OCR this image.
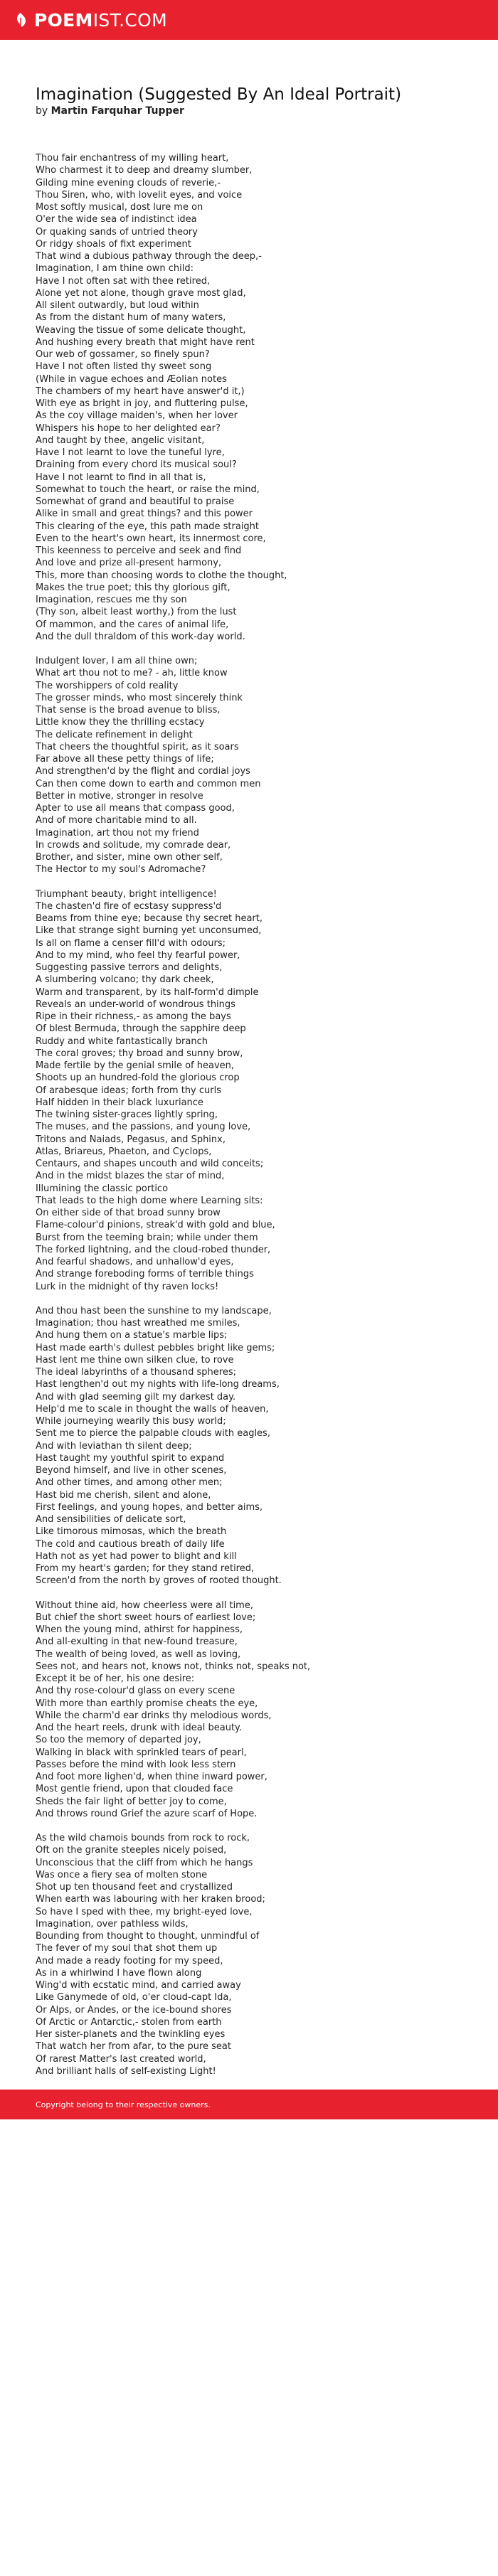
POEM IST.COM
Imagination (Suggested By An Ideal Portrait)

by Martin Farquhar Tupper

Thou fair enchantress of my willing heart,
Who charmest it to deep and dreamy slumber,
Gilding mine evening clouds of reverie,-
Thou Siren, who, with lovelit eyes, and voice
Most softly musical, dost lure me on
O'er the wide sea of indistinct idea
Or quaking sands of untried theory
Or ridgy shoals of fixt experiment
That wind a dubious pathway through the deep,-
Imagination, I am thine own child:
Have I not often sat with thee retired,
Alone yet not alone, though grave most glad,
All silent outwardly, but loud within
As from the distant hum of many waters,
Weaving the tissue of some delicate thought,
And hushing every breath that might have rent
Our web of gossamer, so finely spun?
Have I not often listed thy sweet song
(While in vague echoes and Æolian notes
The chambers of my heart have answer'd it,)
With eye as bright in joy, and fluttering pulse,
As the coy village maiden's, when her lover
Whispers his hope to her delighted ear?
And taught by thee, angelic visitant,
Have I not learnt to love the tuneful lyre,
Draining from every chord its musical soul?
Have I not learnt to find in all that is,
Somewhat to touch the heart, or raise the mind,
Somewhat of grand and beautiful to praise
Alike in small and great things? and this power
This clearing of the eye, this path made straight
Even to the heart's own heart, its innermost core,
This keenness to perceive and seek and find
And love and prize all-present harmony,
This, more than choosing words to clothe the thought,
Makes the true poet; this thy glorious gift,
Imagination, rescues me thy son
(Thy son, albeit least worthy,) from the lust
Of mammon, and the cares of animal life,
And the dull thraldom of this work-day world.

Indulgent lover, I am all thine own;
What art thou not to me? - ah, little know
The worshippers of cold reality
The grosser minds, who most sincerely think
That sense is the broad avenue to bliss,
Little know they the thrilling ecstacy
The delicate refinement in delight
That cheers the thoughtful spirit, as it soars
Far above all these petty things of life;
And strengthen'd by the flight and cordial joys
Can then come down to earth and common men
Better in motive, stronger in resolve
Apter to use all means that compass good,
And of more charitable mind to all.
Imagination, art thou not my friend
In crowds and solitude, my comrade dear,
Brother, and sister, mine own other self,
The Hector to my soul's Adromache?

Triumphant beauty, bright intelligence!
The chasten'd fire of ecstasy suppress'd
Beams from thine eye; because thy secret heart,
Like that strange sight burning yet unconsumed,
Is all on flame a censer fill'd with odours;
And to my mind, who feel thy fearful power,
Suggesting passive terrors and delights,
A slumbering volcano; thy dark cheek,
Warm and transparent, by its half-form'd dimple
Reveals an under-world of wondrous things
Ripe in their richness,- as among the bays
Of blest Bermuda, through the sapphire deep
Ruddy and white fantastically branch
The coral groves; thy broad and sunny brow,
Made fertile by the genial smile of heaven,
Shoots up an hundred-fold the glorious crop
Of arabesque ideas; forth from thy curls
Half hidden in their black luxuriance
The twining sister-graces lightly spring,
The muses, and the passions, and young love,
Tritons and Naiads, Pegasus, and Sphinx,
Atlas, Briareus, Phaeton, and Cyclops,
Centaurs, and shapes uncouth and wild conceits;
And in the midst blazes the star of mind,
Illumining the classic portico
That leads to the high dome where Learning sits:
On either side of that broad sunny brow
Flame-colour'd pinions, streak'd with gold and blue,
Burst from the teeming brain; while under them
The forked lightning, and the cloud-robed thunder,
And fearful shadows, and unhallow'd eyes,
And strange foreboding forms of terrible things
Lurk in the midnight of thy raven locks!

And thou hast been the sunshine to my landscape,
Imagination; thou hast wreathed me smiles,
And hung them on a statue's marble lips;
Hast made earth's dullest pebbles bright like gems;
Hast lent me thine own silken clue, to rove
The ideal labyrinths of a thousand spheres;
Hast lengthen'd out my nights with life-long dreams,
And with glad seeming gilt my darkest day.
Help'd me to scale in thought the walls of heaven,
While journeying wearily this busy world;
Sent me to pierce the palpable clouds with eagles,
And with leviathan th silent deep;
Hast taught my youthful spirit to expand
Beyond himself, and live in other scenes,
And other times, and among other men;
Hast bid me cherish, silent and alone,
First feelings, and young hopes, and better aims,
And sensibilities of delicate sort,
Like timorous mimosas, which the breath
The cold and cautious breath of daily life
Hath not as yet had power to blight and kill
From my heart's garden; for they stand retired,
Screen'd from the north by groves of rooted thought.

Without thine aid, how cheerless were all time,
But chief the short sweet hours of earliest love;
When the young mind, athirst for happiness,
And all-exulting in that new-found treasure,
The wealth of being loved, as well as loving,
Sees not, and hears not, knows not, thinks not, speaks not,
Except it be of her, his one desire:
And thy rose-colour'd glass on every scene
With more than earthly promise cheats the eye,
While the charm'd ear drinks thy melodious words,
And the heart reels, drunk with ideal beauty.
So too the memory of departed joy,
Walking in black with sprinkled tears of pearl,
Passes before the mind with look less stern
And foot more lighen'd, when thine inward power,
Most gentle friend, upon that clouded face
Sheds the fair light of better joy to come,
And throws round Grief the azure scarf of Hope.

As the wild chamois bounds from rock to rock,
Oft on the granite steeples nicely poised,
Unconscious that the cliff from which he hangs
Was once a fiery sea of molten stone
Shot up ten thousand feet and crystallized
When earth was labouring with her kraken brood;
So have I sped with thee, my bright-eyed love,
Imagination, over pathless wilds,
Bounding from thought to thought, unmindful of
The fever of my soul that shot them up
And made a ready footing for my speed,
As in a whirlwind I have flown along
Wing'd with ecstatic mind, and carried away
Like Ganymede of old, o'er cloud-capt Ida,
Or Alps, or Andes, or the ice-bound shores
Of Arctic or Antarctic,- stolen from earth
Her sister-planets and the twinkling eyes
That watch her from afar, to the pure seat
Of rarest Matter's last created world,
And brilliant halls of self-existing Light!

Copyright belong to their respective owners.
